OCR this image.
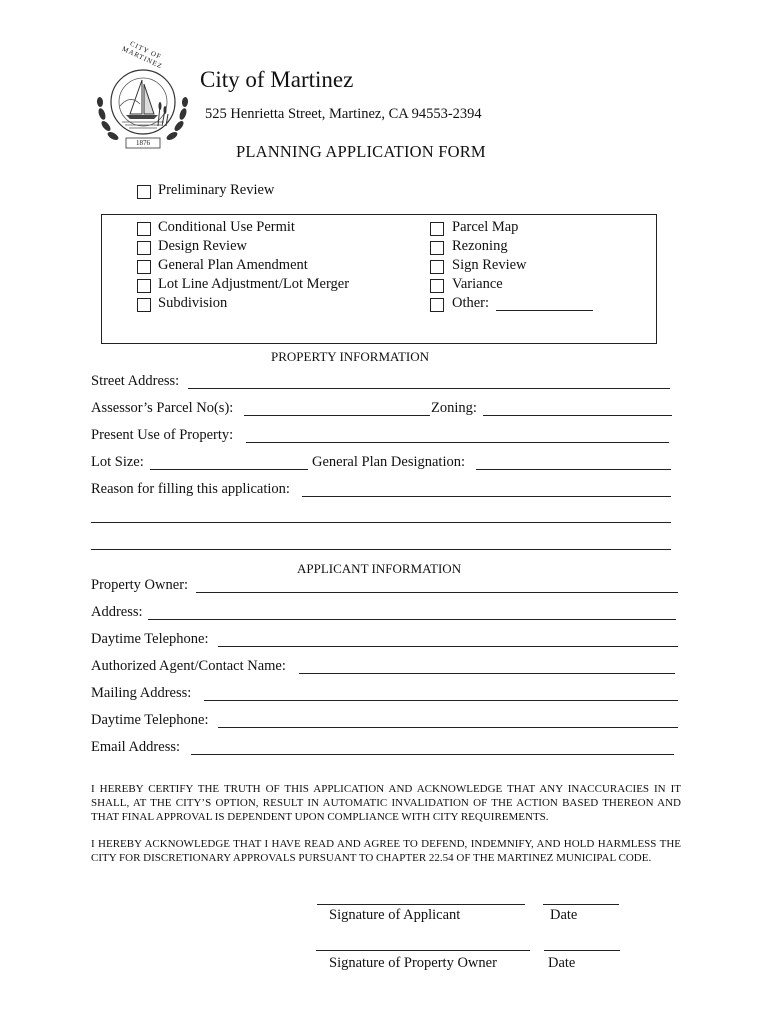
1876
CITY OF MARTINEZ
City of Martinez
525 Henrietta Street, Martinez, CA 94553-2394
PLANNING APPLICATION FORM
Preliminary Review
Conditional Use Permit
Design Review
General Plan Amendment
Lot Line Adjustment/Lot Merger
Subdivision
Parcel Map
Rezoning
Sign Review
Variance
Other:
PROPERTY INFORMATION
Street Address:
Assessor’s Parcel No(s):	Zoning:
Present Use of Property:
Lot Size:	General Plan Designation:
Reason for filling this application:
APPLICANT INFORMATION
Property Owner:
Address:
Daytime Telephone:
Authorized Agent/Contact Name:
Mailing Address:
Daytime Telephone:
Email Address:
I HEREBY CERTIFY THE TRUTH OF THIS APPLICATION AND ACKNOWLEDGE THAT ANY INACCURACIES IN IT SHALL, AT THE CITY’S OPTION, RESULT IN AUTOMATIC INVALIDATION OF THE ACTION BASED THEREON AND THAT FINAL APPROVAL IS DEPENDENT UPON COMPLIANCE WITH CITY REQUIREMENTS.
I HEREBY ACKNOWLEDGE THAT I HAVE READ AND AGREE TO DEFEND, INDEMNIFY, AND HOLD HARMLESS THE CITY FOR DISCRETIONARY APPROVALS PURSUANT TO CHAPTER 22.54 OF THE MARTINEZ MUNICIPAL CODE.
Signature of Applicant	Date
Signature of Property Owner	Date
